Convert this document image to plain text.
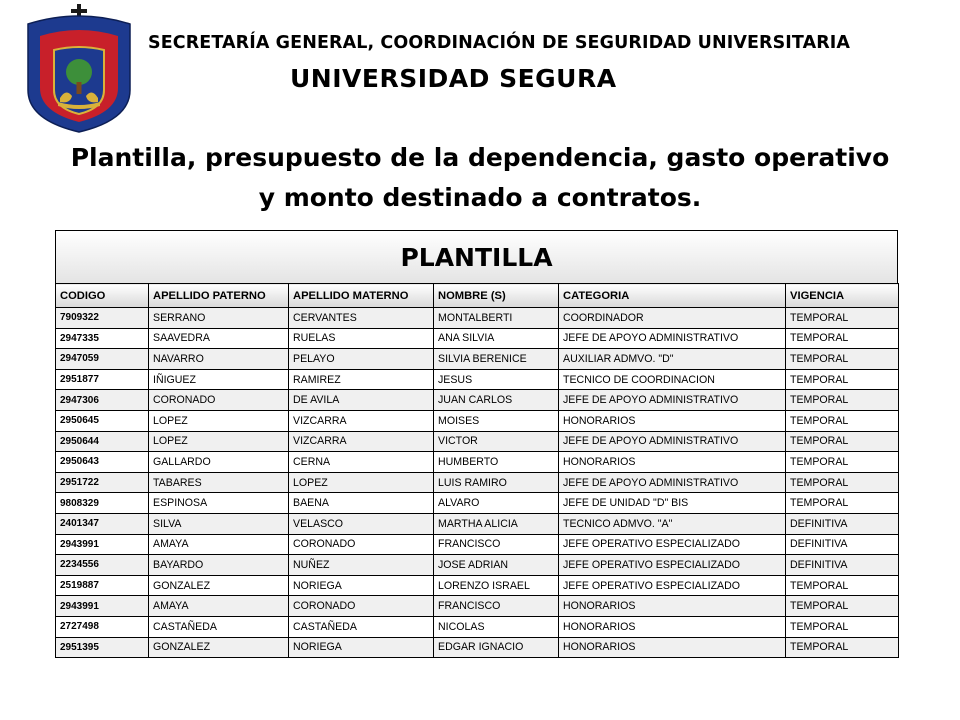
SECRETARÍA GENERAL, COORDINACIÓN DE SEGURIDAD UNIVERSITARIA
UNIVERSIDAD SEGURA
Plantilla, presupuesto de la dependencia, gasto operativo y monto destinado a contratos.
PLANTILLA
CODIGO	APELLIDO PATERNO	APELLIDO MATERNO	NOMBRE (S)	CATEGORIA	VIGENCIA
7909322	SERRANO	CERVANTES	MONTALBERTI	COORDINADOR	TEMPORAL
2947335	SAAVEDRA	RUELAS	ANA SILVIA	JEFE DE APOYO ADMINISTRATIVO	TEMPORAL
2947059	NAVARRO	PELAYO	SILVIA BERENICE	AUXILIAR ADMVO. "D"	TEMPORAL
2951877	IÑIGUEZ	RAMIREZ	JESUS	TECNICO DE COORDINACION	TEMPORAL
2947306	CORONADO	DE AVILA	JUAN CARLOS	JEFE DE APOYO ADMINISTRATIVO	TEMPORAL
2950645	LOPEZ	VIZCARRA	MOISES	HONORARIOS	TEMPORAL
2950644	LOPEZ	VIZCARRA	VICTOR	JEFE DE APOYO ADMINISTRATIVO	TEMPORAL
2950643	GALLARDO	CERNA	HUMBERTO	HONORARIOS	TEMPORAL
2951722	TABARES	LOPEZ	LUIS RAMIRO	JEFE DE APOYO ADMINISTRATIVO	TEMPORAL
9808329	ESPINOSA	BAENA	ALVARO	JEFE DE UNIDAD "D" BIS	TEMPORAL
2401347	SILVA	VELASCO	MARTHA ALICIA	TECNICO ADMVO. "A"	DEFINITIVA
2943991	AMAYA	CORONADO	FRANCISCO	JEFE OPERATIVO ESPECIALIZADO	DEFINITIVA
2234556	BAYARDO	NUÑEZ	JOSE ADRIAN	JEFE OPERATIVO ESPECIALIZADO	DEFINITIVA
2519887	GONZALEZ	NORIEGA	LORENZO ISRAEL	JEFE OPERATIVO ESPECIALIZADO	TEMPORAL
2943991	AMAYA	CORONADO	FRANCISCO	HONORARIOS	TEMPORAL
2727498	CASTAÑEDA	CASTAÑEDA	NICOLAS	HONORARIOS	TEMPORAL
2951395	GONZALEZ	NORIEGA	EDGAR IGNACIO	HONORARIOS	TEMPORAL
